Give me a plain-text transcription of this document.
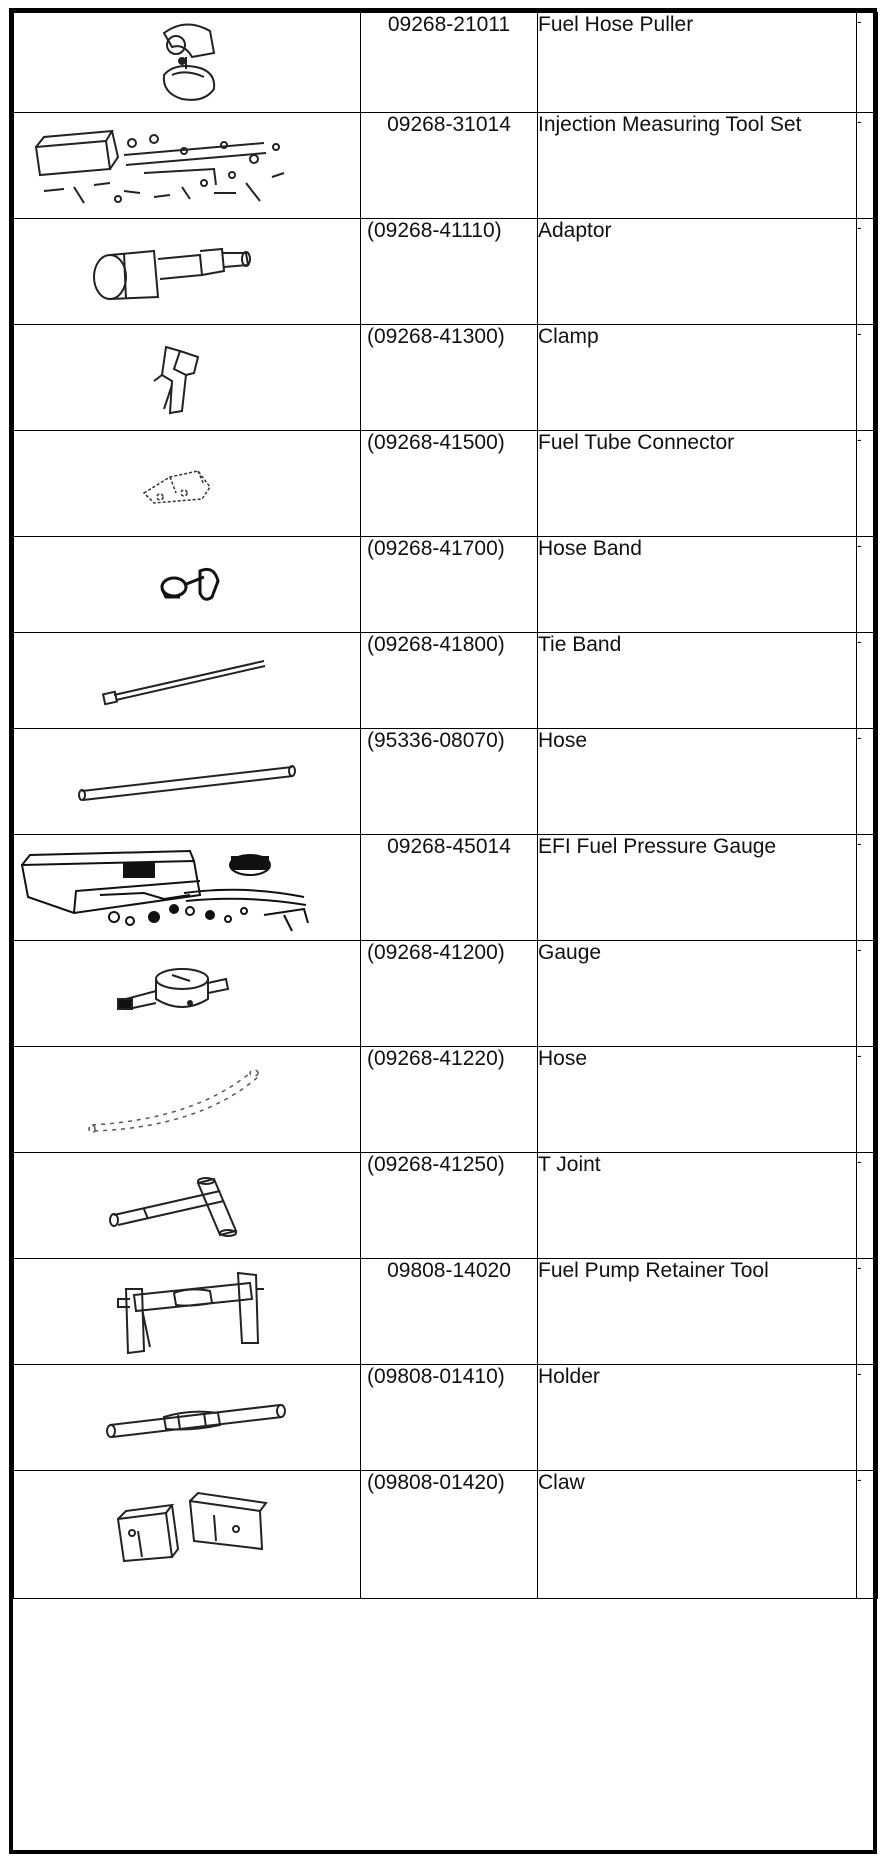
	09268-21011	Fuel Hose Puller	-

	09268-31014	Injection Measuring Tool Set	-

	(09268-41110)	Adaptor	-

	(09268-41300)	Clamp	-

	(09268-41500)	Fuel Tube Connector	-

	(09268-41700)	Hose Band	-

	(09268-41800)	Tie Band	-

	(95336-08070)	Hose	-

	09268-45014	EFI Fuel Pressure Gauge	-

	(09268-41200)	Gauge	-

	(09268-41220)	Hose	-

	(09268-41250)	T Joint	-

	09808-14020	Fuel Pump Retainer Tool	-

	(09808-01410)	Holder	-

	(09808-01420)	Claw	-
